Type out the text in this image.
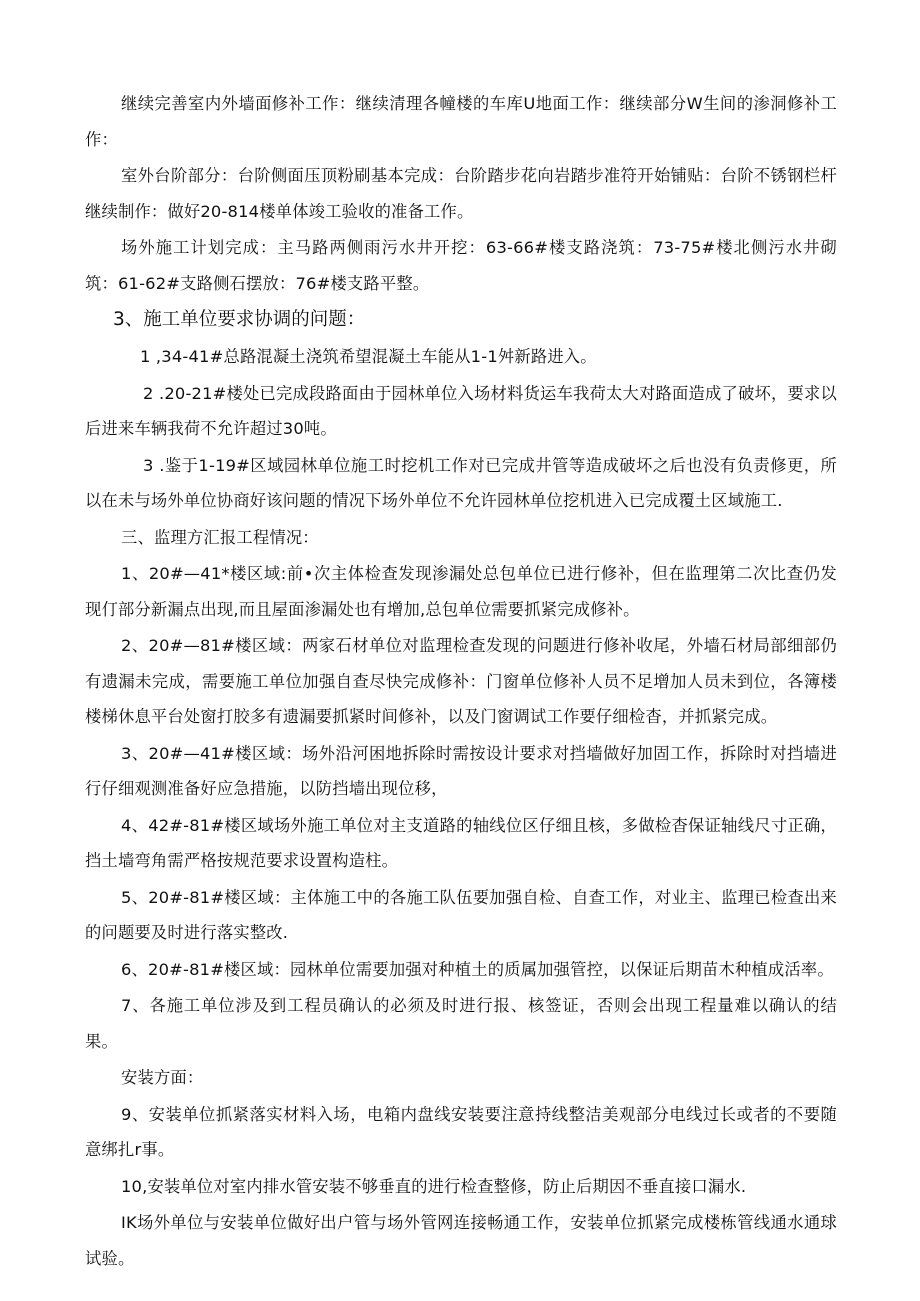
继续完善室内外墙面修补工作：继续清理各幢楼的车库U地面工作：继续部分W生间的渗洞修补工作：

室外台阶部分：台阶侧面压顶粉刷基本完成：台阶踏步花向岩踏步准符开始铺贴：台阶不锈钢栏杆继续制作：做好20-814楼单体竣工验收的准备工作。

场外施工计划完成：主马路两侧雨污水井开挖：63-66#楼支路浇筑：73-75#楼北侧污水井砌筑：61-62#支路侧石摆放：76#楼支路平整。

3、施工单位要求协调的问题：

1 ,34-41#总路混凝土浇筑希望混凝土车能从1-1舛新路进入。

2 .20-21#楼处已完成段路面由于园林单位入场材料货运车我荷太大对路面造成了破坏，要求以后进来车辆我荷不允许超过30吨。

3 .鉴于1-19#区域园林单位施工时挖机工作对已完成井管等造成破坏之后也没有负责修更，所以在未与场外单位协商好该问题的情况下场外单位不允许园林单位挖机进入已完成覆土区域施工.

三、监理方汇报工程情况：

1、20#—41*楼区域:前•次主体检查发现渗漏处总包单位已进行修补，但在监理第二次比查仍发现仃部分新漏点出现,而且屋面渗漏处也有增加,总包单位需要抓紧完成修补。

2、20#—81#楼区域：两家石材单位对监理检查发现的问题进行修补收尾，外墙石材局部细部仍有遗漏未完成，需要施工单位加强自查尽快完成修补：门窗单位修补人员不足增加人员未到位，各簿楼楼梯休息平台处窗打胶多有遗漏要抓紧时间修补，以及门窗调试工作要仔细检杳，并抓紧完成。

3、20#—41#楼区域：场外沿河困地拆除时需按设计要求对挡墙做好加固工作，拆除时对挡墙进行仔细观测准备好应急措施，以防挡墙出现位移，

4、42#-81#楼区域场外施工单位对主支道路的轴线位区仔细且核，多做检杳保证轴线尺寸正确，挡土墙弯角需严格按规范要求设置构造柱。

5、20#-81#楼区域：主体施工中的各施工队伍要加强自检、自查工作，对业主、监理已检查出来的问题要及时进行落实整改.

6、20#-81#楼区域：园林单位需要加强对种植土的质属加强管控，以保证后期苗木种植成活率。

7、各施工单位涉及到工程员确认的必须及时进行报、核签证，否则会出现工程量难以确认的结果。

安装方面：

9、安装单位抓紧落实材料入场，电箱内盘线安装要注意持线整洁美观部分电线过长或者的不要随意绑扎r事。

10,安装单位对室内排水管安装不够垂直的进行检查整修，防止后期因不垂直接口漏水.

IK场外单位与安装单位做好出户管与场外管网连接畅通工作，安装单位抓紧完成楼栋管线通水通球试验。
